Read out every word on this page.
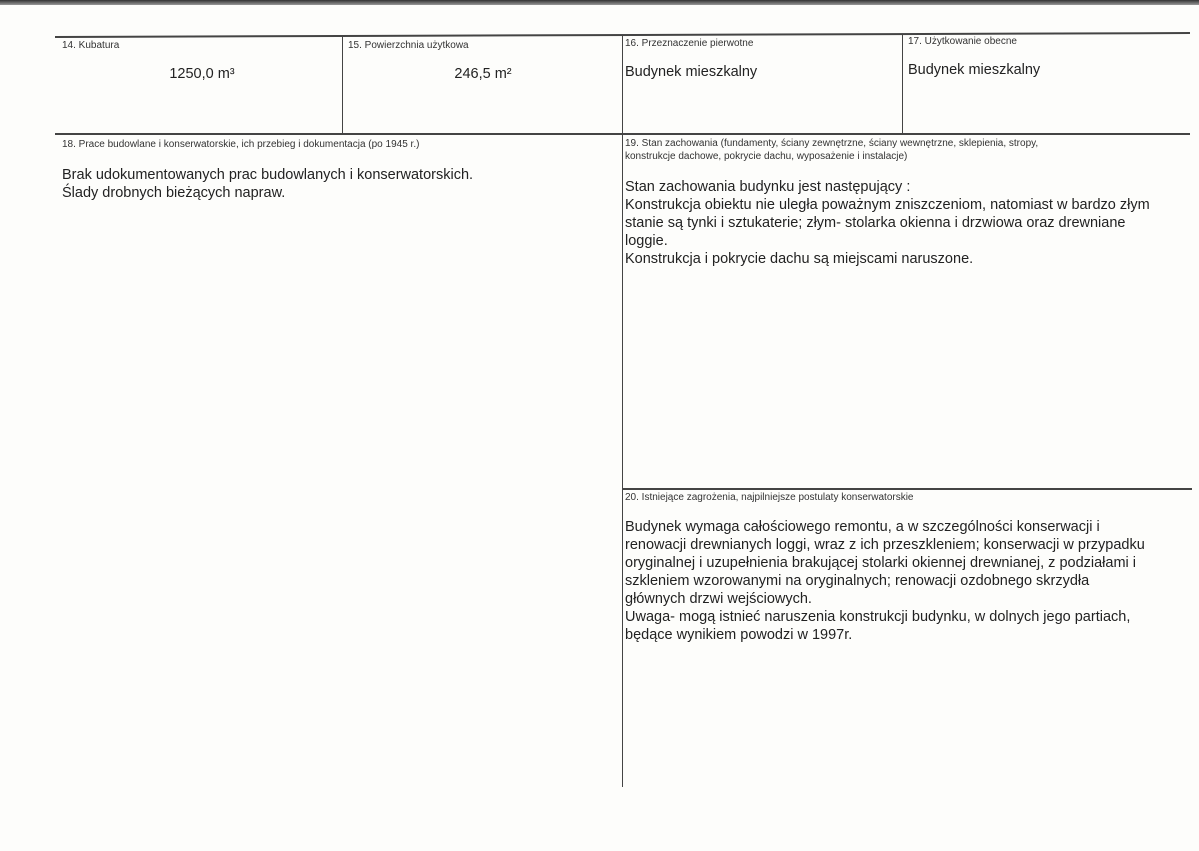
14. Kubatura
1250,0 m³
15. Powierzchnia użytkowa
246,5 m²
16. Przeznaczenie pierwotne
Budynek mieszkalny
17. Użytkowanie obecne
Budynek mieszkalny
18. Prace budowlane i konserwatorskie, ich przebieg i dokumentacja (po 1945 r.)
Brak udokumentowanych prac budowlanych i konserwatorskich.
Ślady drobnych bieżących napraw.
19. Stan zachowania (fundamenty, ściany zewnętrzne, ściany wewnętrzne, sklepienia, stropy,
konstrukcje dachowe, pokrycie dachu, wyposażenie i instalacje)
Stan zachowania budynku jest następujący :
Konstrukcja obiektu nie uległa poważnym zniszczeniom, natomiast w bardzo złym
stanie są tynki i sztukaterie; złym- stolarka okienna i drzwiowa oraz drewniane
loggie.
Konstrukcja i pokrycie dachu są miejscami naruszone.
20. Istniejące zagrożenia, najpilniejsze postulaty konserwatorskie
Budynek wymaga całościowego remontu, a w szczególności konserwacji i
renowacji drewnianych loggi, wraz z ich przeszkleniem; konserwacji w przypadku
oryginalnej i uzupełnienia brakującej stolarki okiennej drewnianej, z podziałami i
szkleniem wzorowanymi na oryginalnych; renowacji ozdobnego skrzydła
głównych drzwi wejściowych.
Uwaga- mogą istnieć naruszenia konstrukcji budynku, w dolnych jego partiach,
będące wynikiem powodzi w 1997r.
